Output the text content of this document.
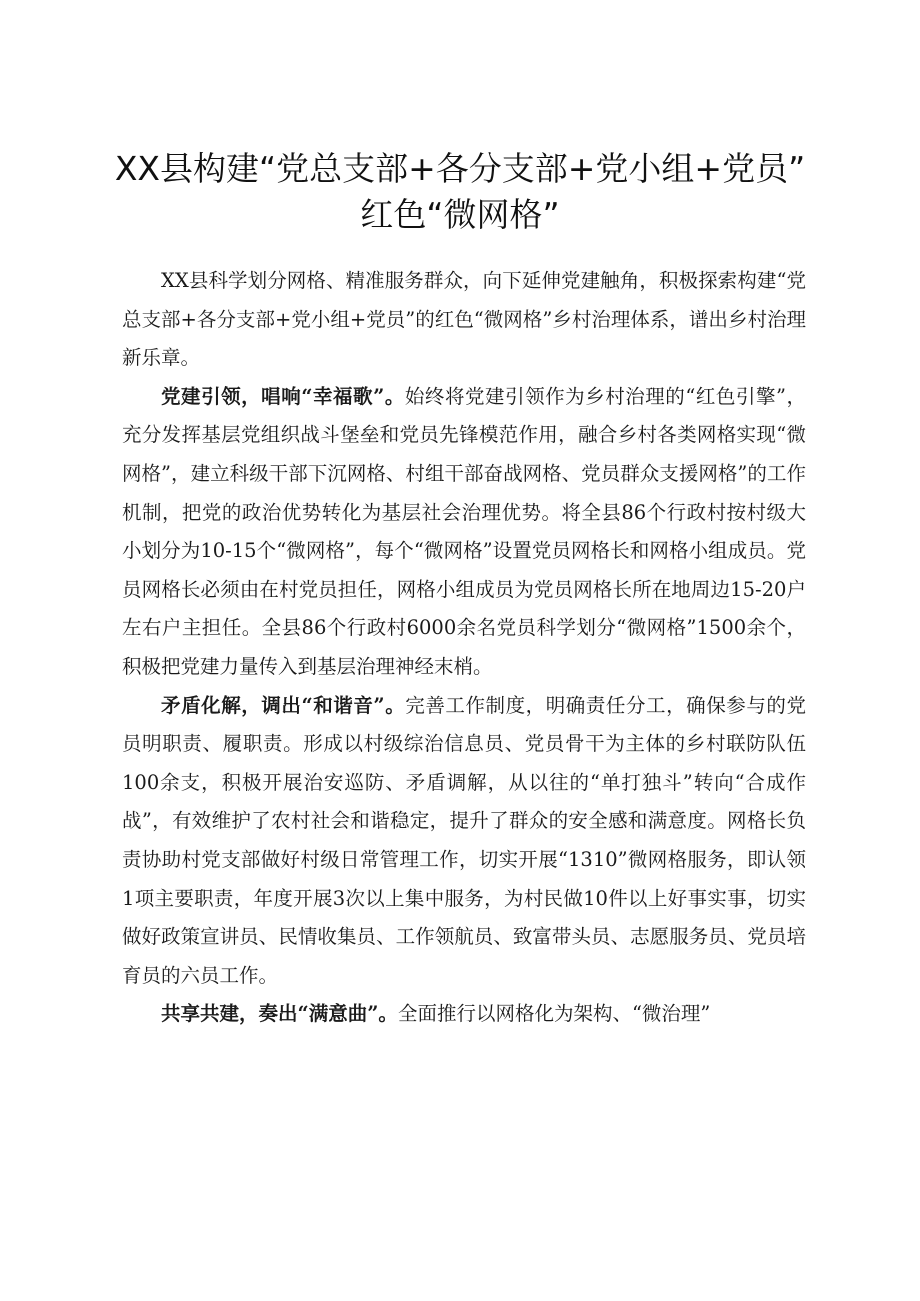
XX县构建“党总支部+各分支部+党小组+党员”
红色“微网格”

XX县科学划分网格、精准服务群众，向下延伸党建触角，积极探索构建“党总支部+各分支部+党小组+党员”的红色“微网格”乡村治理体系，谱出乡村治理新乐章。

党建引领，唱响“幸福歌”。始终将党建引领作为乡村治理的“红色引擎”，充分发挥基层党组织战斗堡垒和党员先锋模范作用，融合乡村各类网格实现“微网格”，建立科级干部下沉网格、村组干部奋战网格、党员群众支援网格”的工作机制，把党的政治优势转化为基层社会治理优势。将全县86个行政村按村级大小划分为10-15个“微网格”，每个“微网格”设置党员网格长和网格小组成员。党员网格长必须由在村党员担任，网格小组成员为党员网格长所在地周边15-20户左右户主担任。全县86个行政村6000余名党员科学划分“微网格”1500余个，积极把党建力量传入到基层治理神经末梢。

矛盾化解，调出“和谐音”。完善工作制度，明确责任分工，确保参与的党员明职责、履职责。形成以村级综治信息员、党员骨干为主体的乡村联防队伍100余支，积极开展治安巡防、矛盾调解，从以往的“单打独斗”转向“合成作战”，有效维护了农村社会和谐稳定，提升了群众的安全感和满意度。网格长负责协助村党支部做好村级日常管理工作，切实开展“1310”微网格服务，即认领1项主要职责，年度开展3次以上集中服务，为村民做10件以上好事实事，切实做好政策宣讲员、民情收集员、工作领航员、致富带头员、志愿服务员、党员培育员的六员工作。

共享共建，奏出“满意曲”。全面推行以网格化为架构、“微治理”
